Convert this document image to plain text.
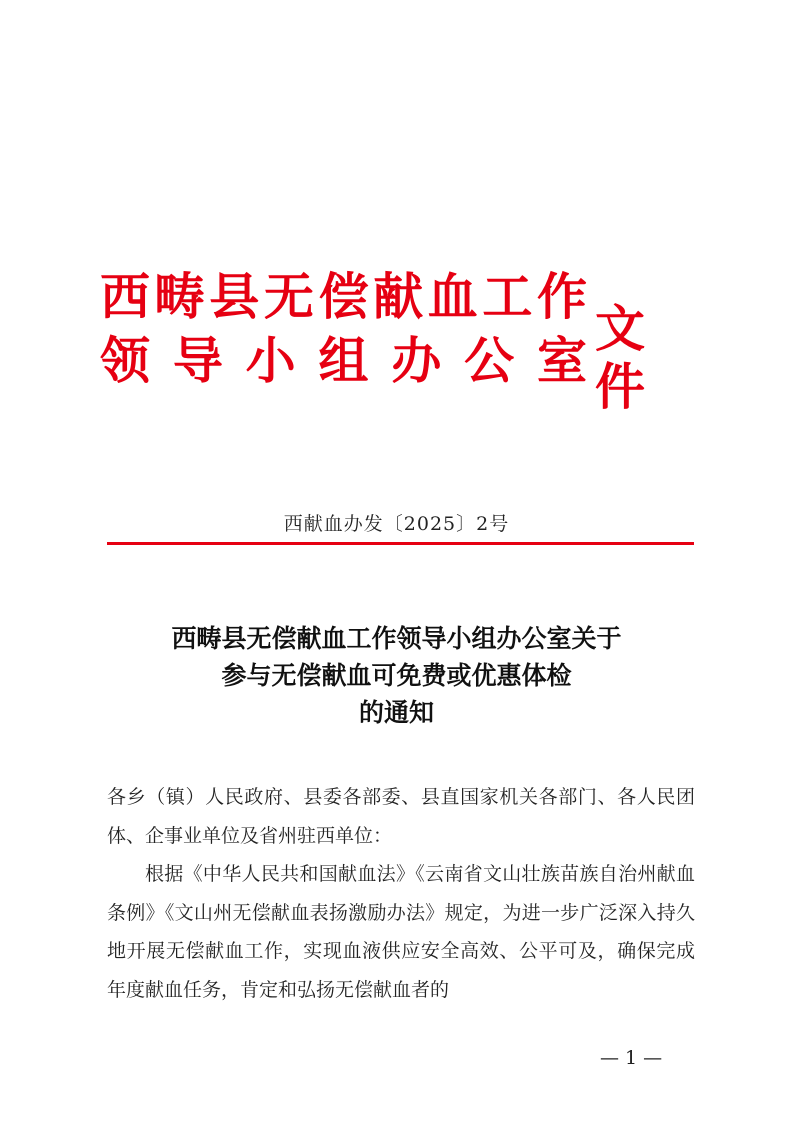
西 畴 县 无 偿 献 血 工 作
领 导 小 组 办 公 室
文件
西献血办发〔2025〕2号
西畴县无偿献血工作领导小组办公室关于
参与无偿献血可免费或优惠体检
的通知

各乡（镇）人民政府、县委各部委、县直国家机关各部门、各人民团体、企事业单位及省州驻西单位：

根据《中华人民共和国献血法》《云南省文山壮族苗族自治州献血条例》《文山州无偿献血表扬激励办法》规定，为进一步广泛深入持久地开展无偿献血工作，实现血液供应安全高效、公平可及，确保完成年度献血任务，肯定和弘扬无偿献血者的

— 1 —
